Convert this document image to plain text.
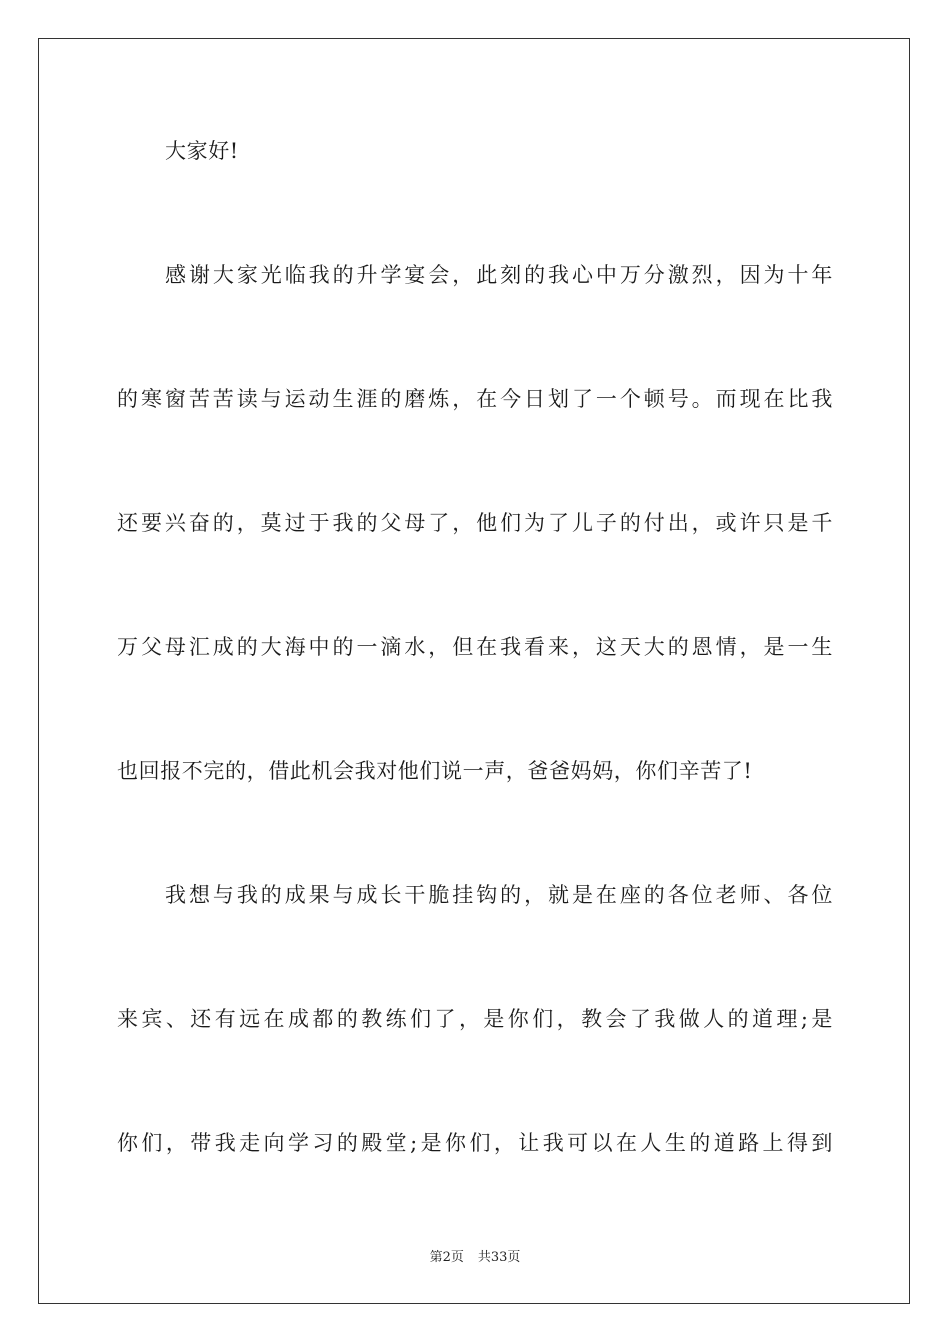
大家好!
感谢大家光临我的升学宴会，此刻的我心中万分激烈，因为十年
的寒窗苦苦读与运动生涯的磨炼，在今日划了一个顿号。而现在比我
还要兴奋的，莫过于我的父母了，他们为了儿子的付出，或许只是千
万父母汇成的大海中的一滴水，但在我看来，这天大的恩情，是一生
也回报不完的，借此机会我对他们说一声，爸爸妈妈，你们辛苦了!
我想与我的成果与成长干脆挂钩的，就是在座的各位老师、各位
来宾、还有远在成都的教练们了，是你们，教会了我做人的道理;是
你们，带我走向学习的殿堂;是你们，让我可以在人生的道路上得到
第2页 共33页
